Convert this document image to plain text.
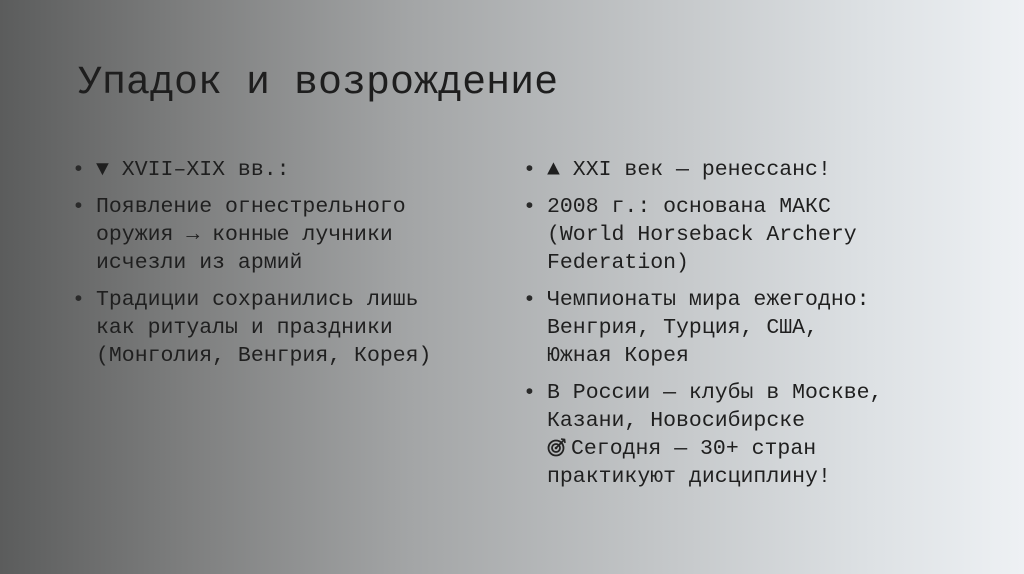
Упадок и возрождение
• ▼ XVII–XIX вв.:
• Появление огнестрельного
оружия → конные лучники
исчезли из армий
• Традиции сохранились лишь
как ритуалы и праздники
(Монголия, Венгрия, Корея)
• ▲ XXI век — ренессанс!
• 2008 г.: основана МАКС
(World Horseback Archery
Federation)
• Чемпионаты мира ежегодно:
Венгрия, Турция, США,
Южная Корея
• В России — клубы в Москве,
Казани, Новосибирске
Сегодня — 30+ стран
практикуют дисциплину!
